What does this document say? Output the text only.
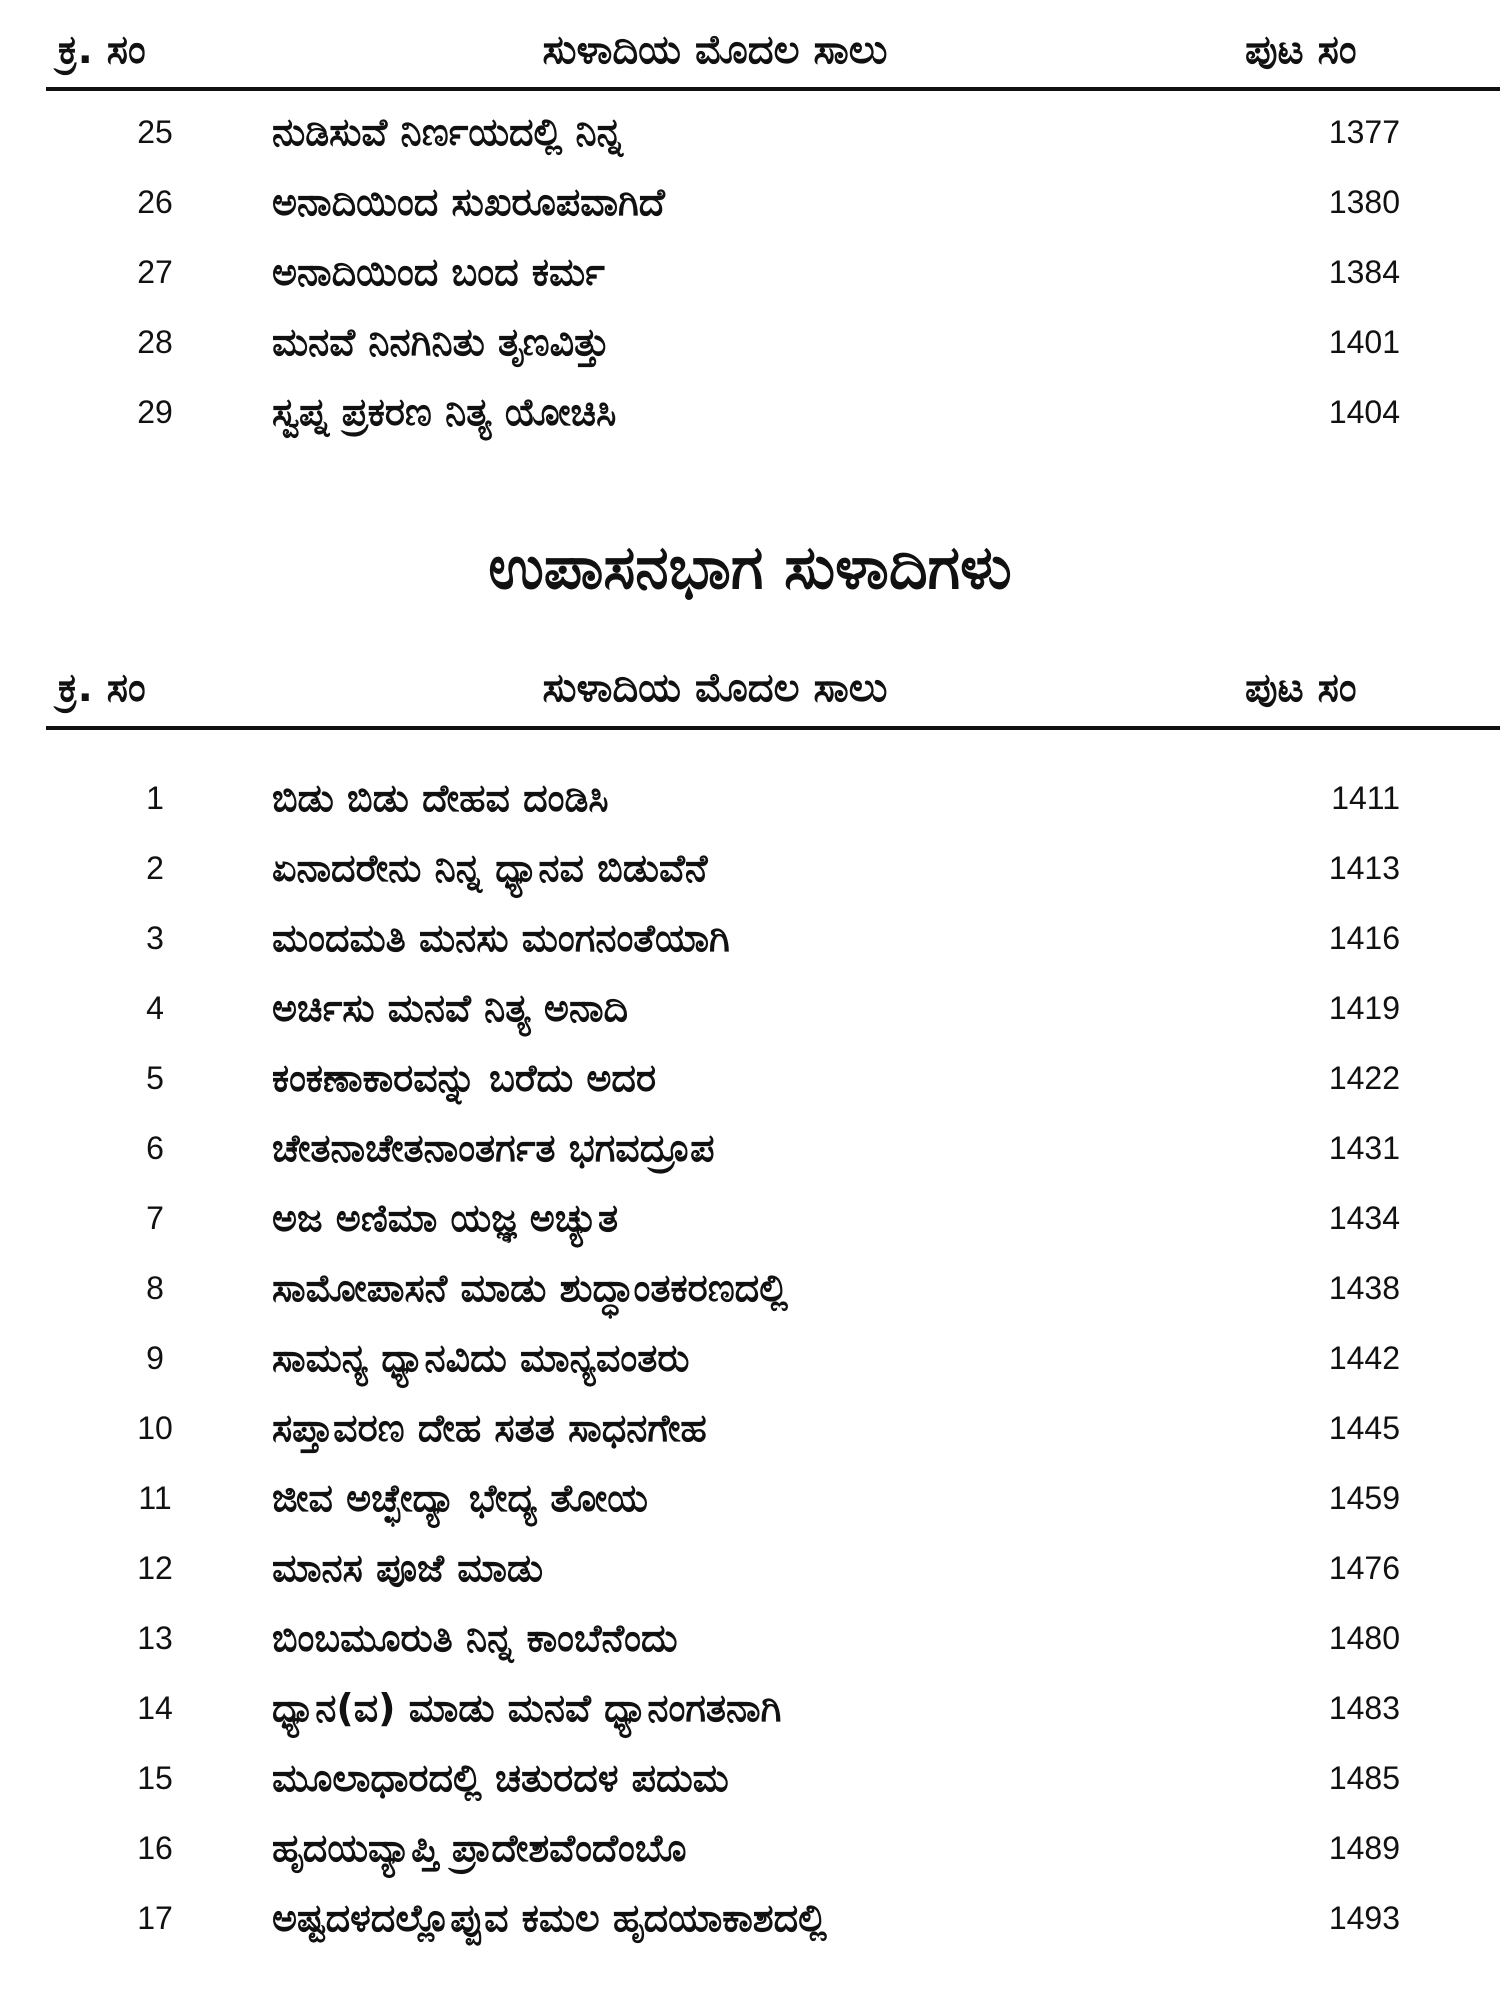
ಕ್ರ. ಸಂ	ಸುಳಾದಿಯ ಮೊದಲ ಸಾಲು	ಪುಟ ಸಂ
25	ನುಡಿಸುವೆ ನಿರ್ಣಯದಲ್ಲಿ ನಿನ್ನ	1377
26	ಅನಾದಿಯಿಂದ ಸುಖರೂಪವಾಗಿದೆ	1380
27	ಅನಾದಿಯಿಂದ ಬಂದ ಕರ್ಮ	1384
28	ಮನವೆ ನಿನಗಿನಿತು ತೃಣವಿತ್ತು	1401
29	ಸ್ವಪ್ನ ಪ್ರಕರಣ ನಿತ್ಯ ಯೋಚಿಸಿ	1404
ಉಪಾಸನಭಾಗ ಸುಳಾದಿಗಳು
ಕ್ರ. ಸಂ	ಸುಳಾದಿಯ ಮೊದಲ ಸಾಲು	ಪುಟ ಸಂ
1	ಬಿಡು ಬಿಡು ದೇಹವ ದಂಡಿಸಿ	1411
2	ಏನಾದರೇನು ನಿನ್ನ ಧ್ಯಾನವ ಬಿಡುವೆನೆ	1413
3	ಮಂದಮತಿ ಮನಸು ಮಂಗನಂತೆಯಾಗಿ	1416
4	ಅರ್ಚಿಸು ಮನವೆ ನಿತ್ಯ ಅನಾದಿ	1419
5	ಕಂಕಣಾಕಾರವನ್ನು ಬರೆದು ಅದರ	1422
6	ಚೇತನಾಚೇತನಾಂತರ್ಗತ ಭಗವದ್ರೂಪ	1431
7	ಅಜ ಅಣಿಮಾ ಯಜ್ಞ ಅಚ್ಯುತ	1434
8	ಸಾಮೋಪಾಸನೆ ಮಾಡು ಶುದ್ಧಾಂತಕರಣದಲ್ಲಿ	1438
9	ಸಾಮನ್ಯ ಧ್ಯಾನವಿದು ಮಾನ್ಯವಂತರು	1442
10	ಸಪ್ತಾವರಣ ದೇಹ ಸತತ ಸಾಧನಗೇಹ	1445
11	ಜೀವ ಅಚ್ಛೇದ್ಯಾ ಭೇದ್ಯ ತೋಯ	1459
12	ಮಾನಸ ಪೂಜೆ ಮಾಡು	1476
13	ಬಿಂಬಮೂರುತಿ ನಿನ್ನ ಕಾಂಬೆನೆಂದು	1480
14	ಧ್ಯಾನ(ವ) ಮಾಡು ಮನವೆ ಧ್ಯಾನಂಗತನಾಗಿ	1483
15	ಮೂಲಾಧಾರದಲ್ಲಿ ಚತುರದಳ ಪದುಮ	1485
16	ಹೃದಯವ್ಯಾಪ್ತಿ ಪ್ರಾದೇಶವೆಂದೆಂಬೊ	1489
17	ಅಷ್ಟದಳದಲ್ಲೊಪ್ಪುವ ಕಮಲ ಹೃದಯಾಕಾಶದಲ್ಲಿ	1493
